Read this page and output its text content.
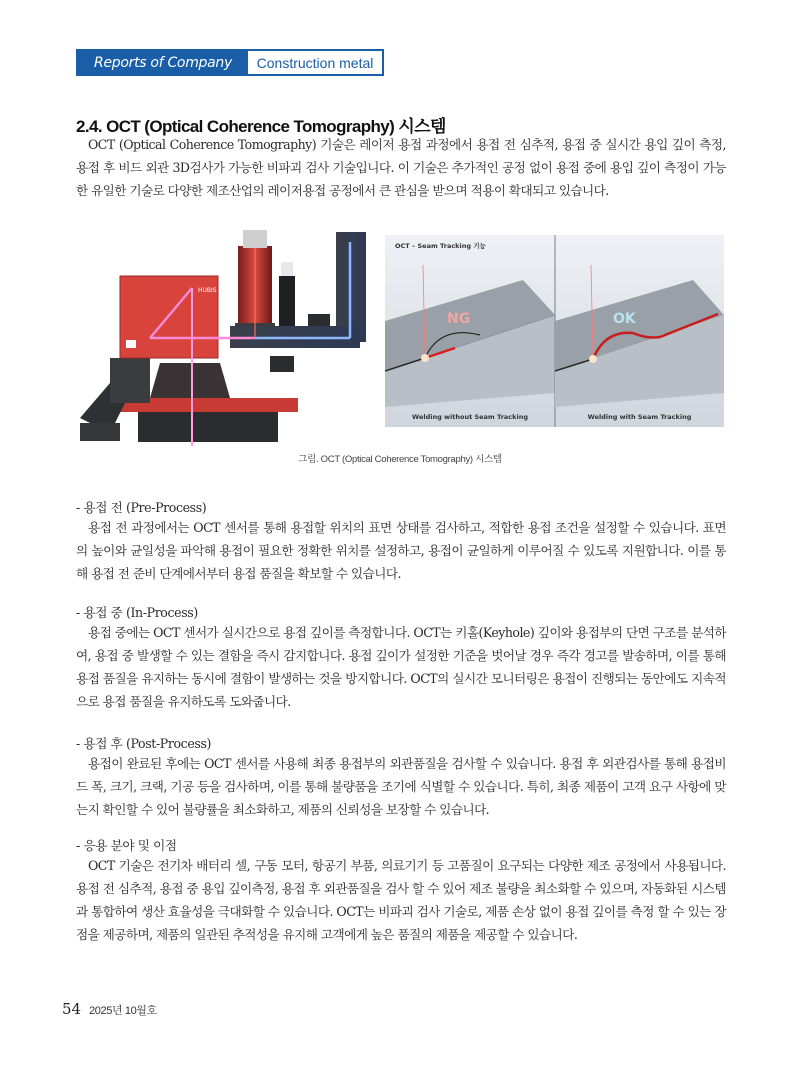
Reports of Company	Construction metal
2.4. OCT (Optical Coherence Tomography) 시스템

OCT (Optical Coherence Tomography) 기술은 레이저 용접 과정에서 용접 전 심추적, 용접 중 실시간 용입 깊이 측정, 용접 후 비드 외관 3D검사가 가능한 비파괴 검사 기술입니다. 이 기술은 추가적인 공정 없이 용접 중에 용입 깊이 측정이 가능한 유일한 기술로 다양한 제조산업의 레이저용접 공정에서 큰 관심을 받으며 적용이 확대되고 있습니다.

HUBIS
OCT – Seam Tracking 기능
NG	OK
Welding without Seam Tracking	Welding with Seam Tracking
그림. OCT (Optical Coherence Tomography) 시스템
- 용접 전 (Pre-Process)

용접 전 과정에서는 OCT 센서를 통해 용접할 위치의 표면 상태를 검사하고, 적합한 용접 조건을 설정할 수 있습니다. 표면의 높이와 균일성을 파악해 용접이 필요한 정확한 위치를 설정하고, 용접이 균일하게 이루어질 수 있도록 지원합니다. 이를 통해 용접 전 준비 단계에서부터 용접 품질을 확보할 수 있습니다.

- 용접 중 (In-Process)

용접 중에는 OCT 센서가 실시간으로 용접 깊이를 측정합니다. OCT는 키홀(Keyhole) 깊이와 용접부의 단면 구조를 분석하여, 용접 중 발생할 수 있는 결함을 즉시 감지합니다. 용접 깊이가 설정한 기준을 벗어날 경우 즉각 경고를 발송하며, 이를 통해 용접 품질을 유지하는 동시에 결함이 발생하는 것을 방지합니다. OCT의 실시간 모니터링은 용접이 진행되는 동안에도 지속적으로 용접 품질을 유지하도록 도와줍니다.

- 용접 후 (Post-Process)

용접이 완료된 후에는 OCT 센서를 사용해 최종 용접부의 외관품질을 검사할 수 있습니다. 용접 후 외관검사를 통해 용접비드 폭, 크기, 크랙, 기공 등을 검사하며, 이를 통해 불량품을 조기에 식별할 수 있습니다. 특히, 최종 제품이 고객 요구 사항에 맞는지 확인할 수 있어 불량률을 최소화하고, 제품의 신뢰성을 보장할 수 있습니다.

- 응용 분야 및 이점

OCT 기술은 전기차 배터리 셀, 구동 모터, 항공기 부품, 의료기기 등 고품질이 요구되는 다양한 제조 공정에서 사용됩니다. 용접 전 심추적, 용접 중 용입 깊이측정, 용접 후 외관품질을 검사 할 수 있어 제조 불량을 최소화할 수 있으며, 자동화된 시스템과 통합하여 생산 효율성을 극대화할 수 있습니다. OCT는 비파괴 검사 기술로, 제품 손상 없이 용접 깊이를 측정 할 수 있는 장점을 제공하며, 제품의 일관된 추적성을 유지해 고객에게 높은 품질의 제품을 제공할 수 있습니다.

54 2025년 10월호
